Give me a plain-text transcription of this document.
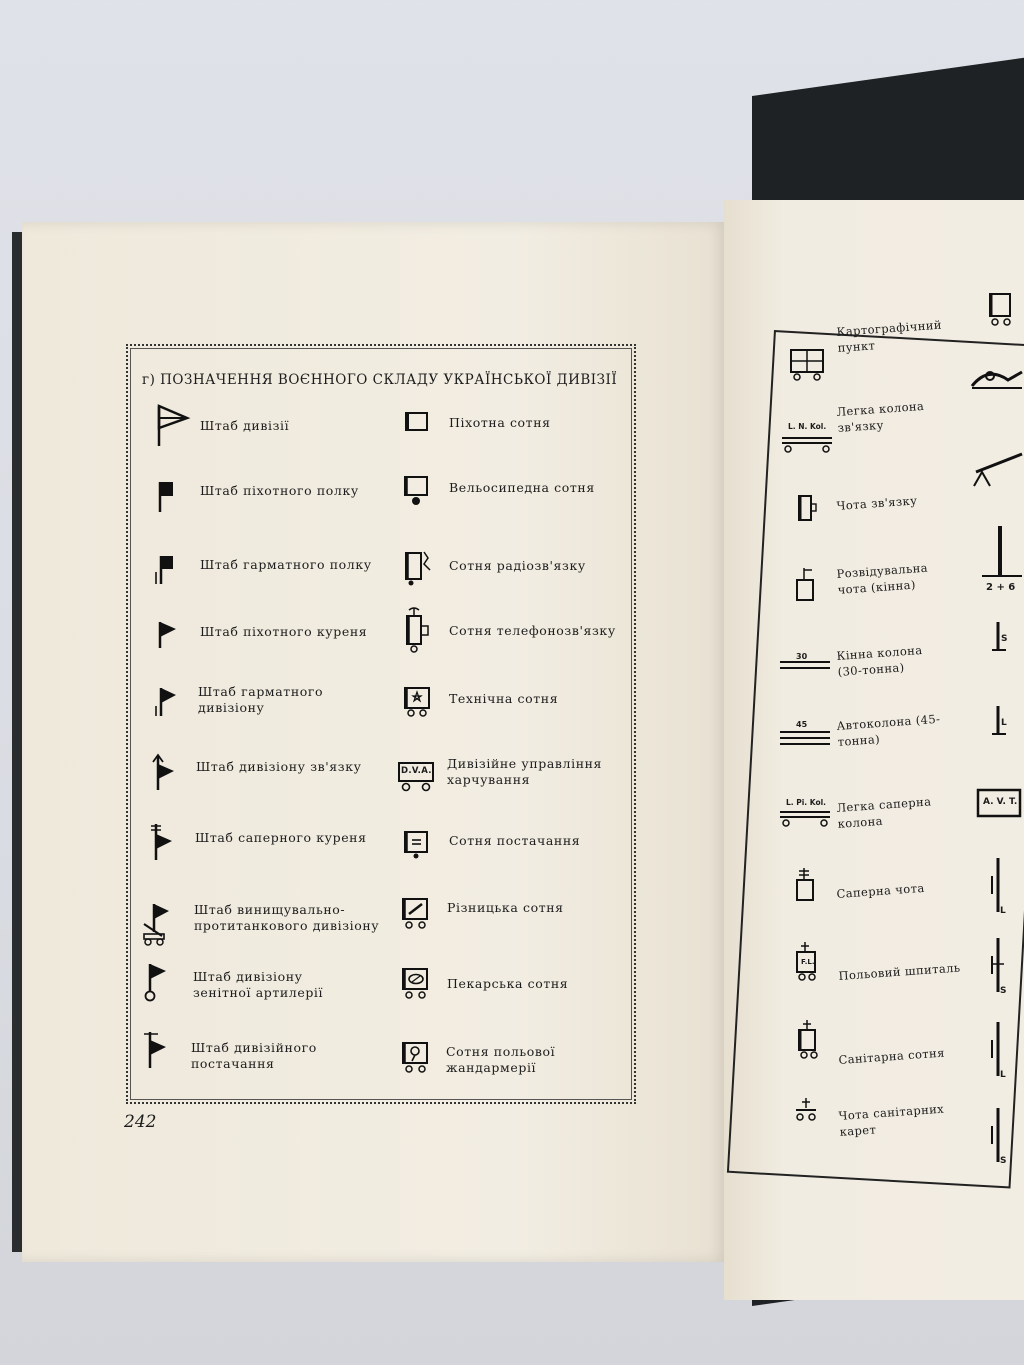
г) ПОЗНАЧЕННЯ ВОЄННОГО СКЛАДУ УКРАЇНСЬКОЇ ДИВІЗІЇ
Штаб дивізії
Штаб піхотного полку
Штаб гарматного полку
Штаб піхотного куреня
Штаб гарматного дивізіону
Штаб дивізіону зв'язку
Штаб саперного куреня
Штаб винищувально-протитанкового дивізіону
Штаб дивізіону зенітної артилерії
Штаб дивізійного постачання
Піхотна сотня
Вельосипедна сотня
Сотня радіозв'язку
Сотня телефонозв'язку
Технічна сотня
D.V.A. Дивізійне управління харчування
Сотня постачання
Різницька сотня
Пекарська сотня
Сотня польової жандармерії
242
Картографічний пункт
L. N. Kol.
Легка колона зв'язку
Чота зв'язку
Розвідувальна чота (кінна)
30	Кінна колона (30-тонна)
45	Автоколона (45-тонна)
L. Pi. Kol. Легка саперна колона
Саперна чота
F.L. Польовий шпиталь
Санітарна сотня
Чота санітарних карет
2 + 6
S
L
A. V. T.
L
S
L
S
